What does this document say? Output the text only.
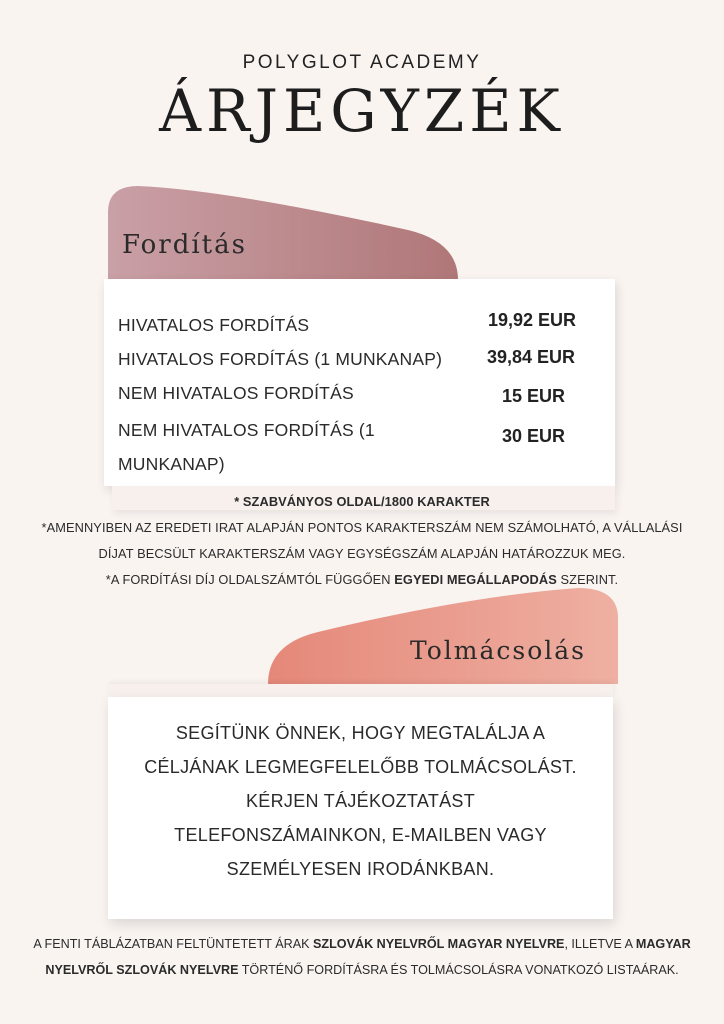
POLYGLOT ACADEMY
ÁRJEGYZÉK
Fordítás
HIVATALOS FORDÍTÁS	19,92 EUR
HIVATALOS FORDÍTÁS (1 MUNKANAP) 39,84 EUR
NEM HIVATALOS FORDÍTÁS	15 EUR
NEM HIVATALOS FORDÍTÁS (1
MUNKANAP)
30 EUR
* SZABVÁNYOS OLDAL/1800 KARAKTER
*AMENNYIBEN AZ EREDETI IRAT ALAPJÁN PONTOS KARAKTERSZÁM NEM SZÁMOLHATÓ, A VÁLLALÁSI
DÍJAT BECSÜLT KARAKTERSZÁM VAGY EGYSÉGSZÁM ALAPJÁN HATÁROZZUK MEG.
*A FORDÍTÁSI DÍJ OLDALSZÁMTÓL FÜGGŐEN EGYEDI MEGÁLLAPODÁS SZERINT.
Tolmácsolás
SEGÍTÜNK ÖNNEK, HOGY MEGTALÁLJA A
CÉLJÁNAK LEGMEGFELELŐBB TOLMÁCSOLÁST.
KÉRJEN TÁJÉKOZTATÁST
TELEFONSZÁMAINKON, E-MAILBEN VAGY
SZEMÉLYESEN IRODÁNKBAN.
A FENTI TÁBLÁZATBAN FELTÜNTETETT ÁRAK SZLOVÁK NYELVRŐL MAGYAR NYELVRE, ILLETVE A MAGYAR
NYELVRŐL SZLOVÁK NYELVRE TÖRTÉNŐ FORDÍTÁSRA ÉS TOLMÁCSOLÁSRA VONATKOZÓ LISTAÁRAK.
